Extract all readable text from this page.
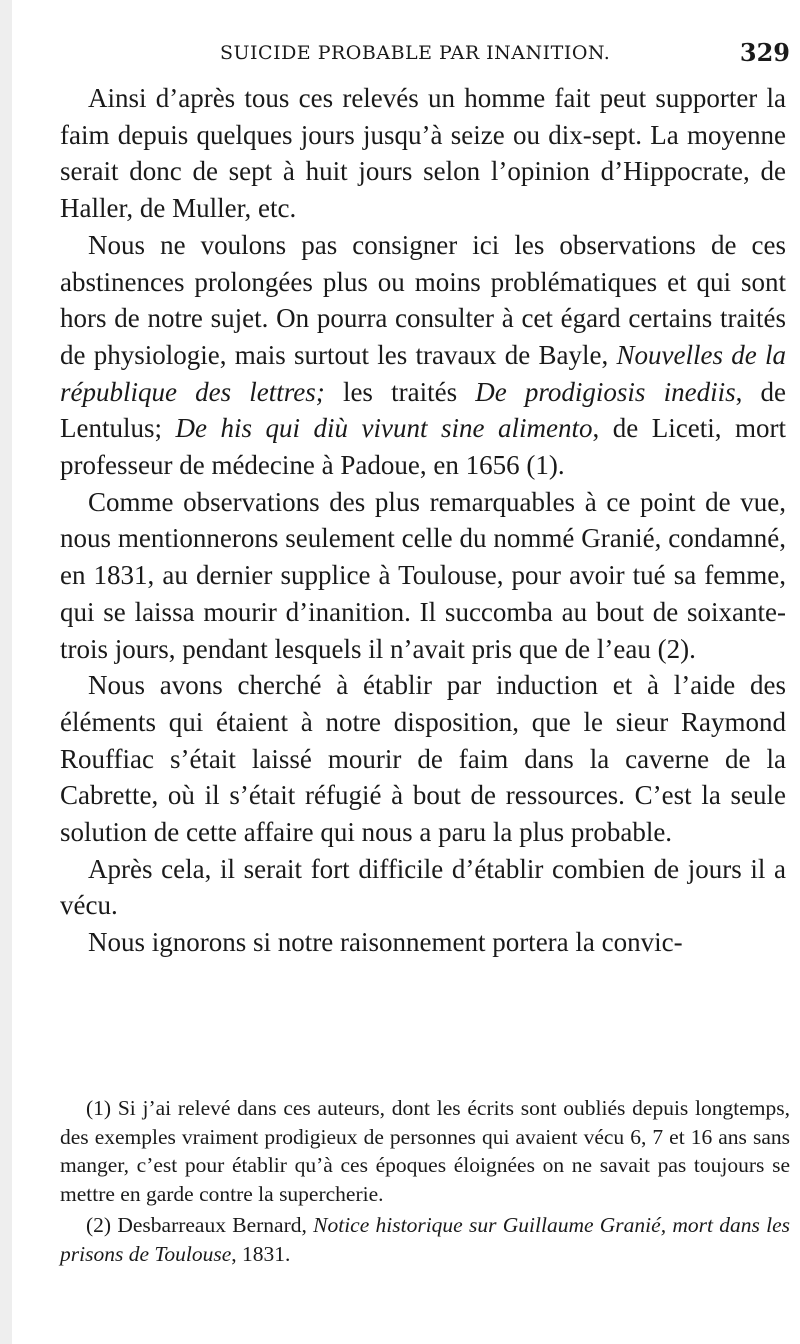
SUICIDE PROBABLE PAR INANITION.	329

Ainsi d’après tous ces relevés un homme fait peut supporter la faim depuis quelques jours jusqu’à seize ou dix-sept. La moyenne serait donc de sept à huit jours selon l’opinion d’Hippocrate, de Haller, de Muller, etc.

Nous ne voulons pas consigner ici les observations de ces abstinences prolongées plus ou moins problématiques et qui sont hors de notre sujet. On pourra consulter à cet égard certains traités de physiologie, mais surtout les travaux de Bayle, Nouvelles de la république des lettres; les traités De prodigiosis inediis, de Lentulus; De his qui diù vivunt sine alimento, de Liceti, mort professeur de médecine à Padoue, en 1656 (1).

Comme observations des plus remarquables à ce point de vue, nous mentionnerons seulement celle du nommé Granié, condamné, en 1831, au dernier supplice à Toulouse, pour avoir tué sa femme, qui se laissa mourir d’inanition. Il succomba au bout de soixante-trois jours, pendant lesquels il n’avait pris que de l’eau (2).

Nous avons cherché à établir par induction et à l’aide des éléments qui étaient à notre disposition, que le sieur Raymond Rouffiac s’était laissé mourir de faim dans la caverne de la Cabrette, où il s’était réfugié à bout de ressources. C’est la seule solution de cette affaire qui nous a paru la plus probable.

Après cela, il serait fort difficile d’établir combien de jours il a vécu.

Nous ignorons si notre raisonnement portera la convic-

(1) Si j’ai relevé dans ces auteurs, dont les écrits sont oubliés depuis longtemps, des exemples vraiment prodigieux de personnes qui avaient vécu 6, 7 et 16 ans sans manger, c’est pour établir qu’à ces époques éloignées on ne savait pas toujours se mettre en garde contre la supercherie.

(2) Desbarreaux Bernard, Notice historique sur Guillaume Granié, mort dans les prisons de Toulouse, 1831.
